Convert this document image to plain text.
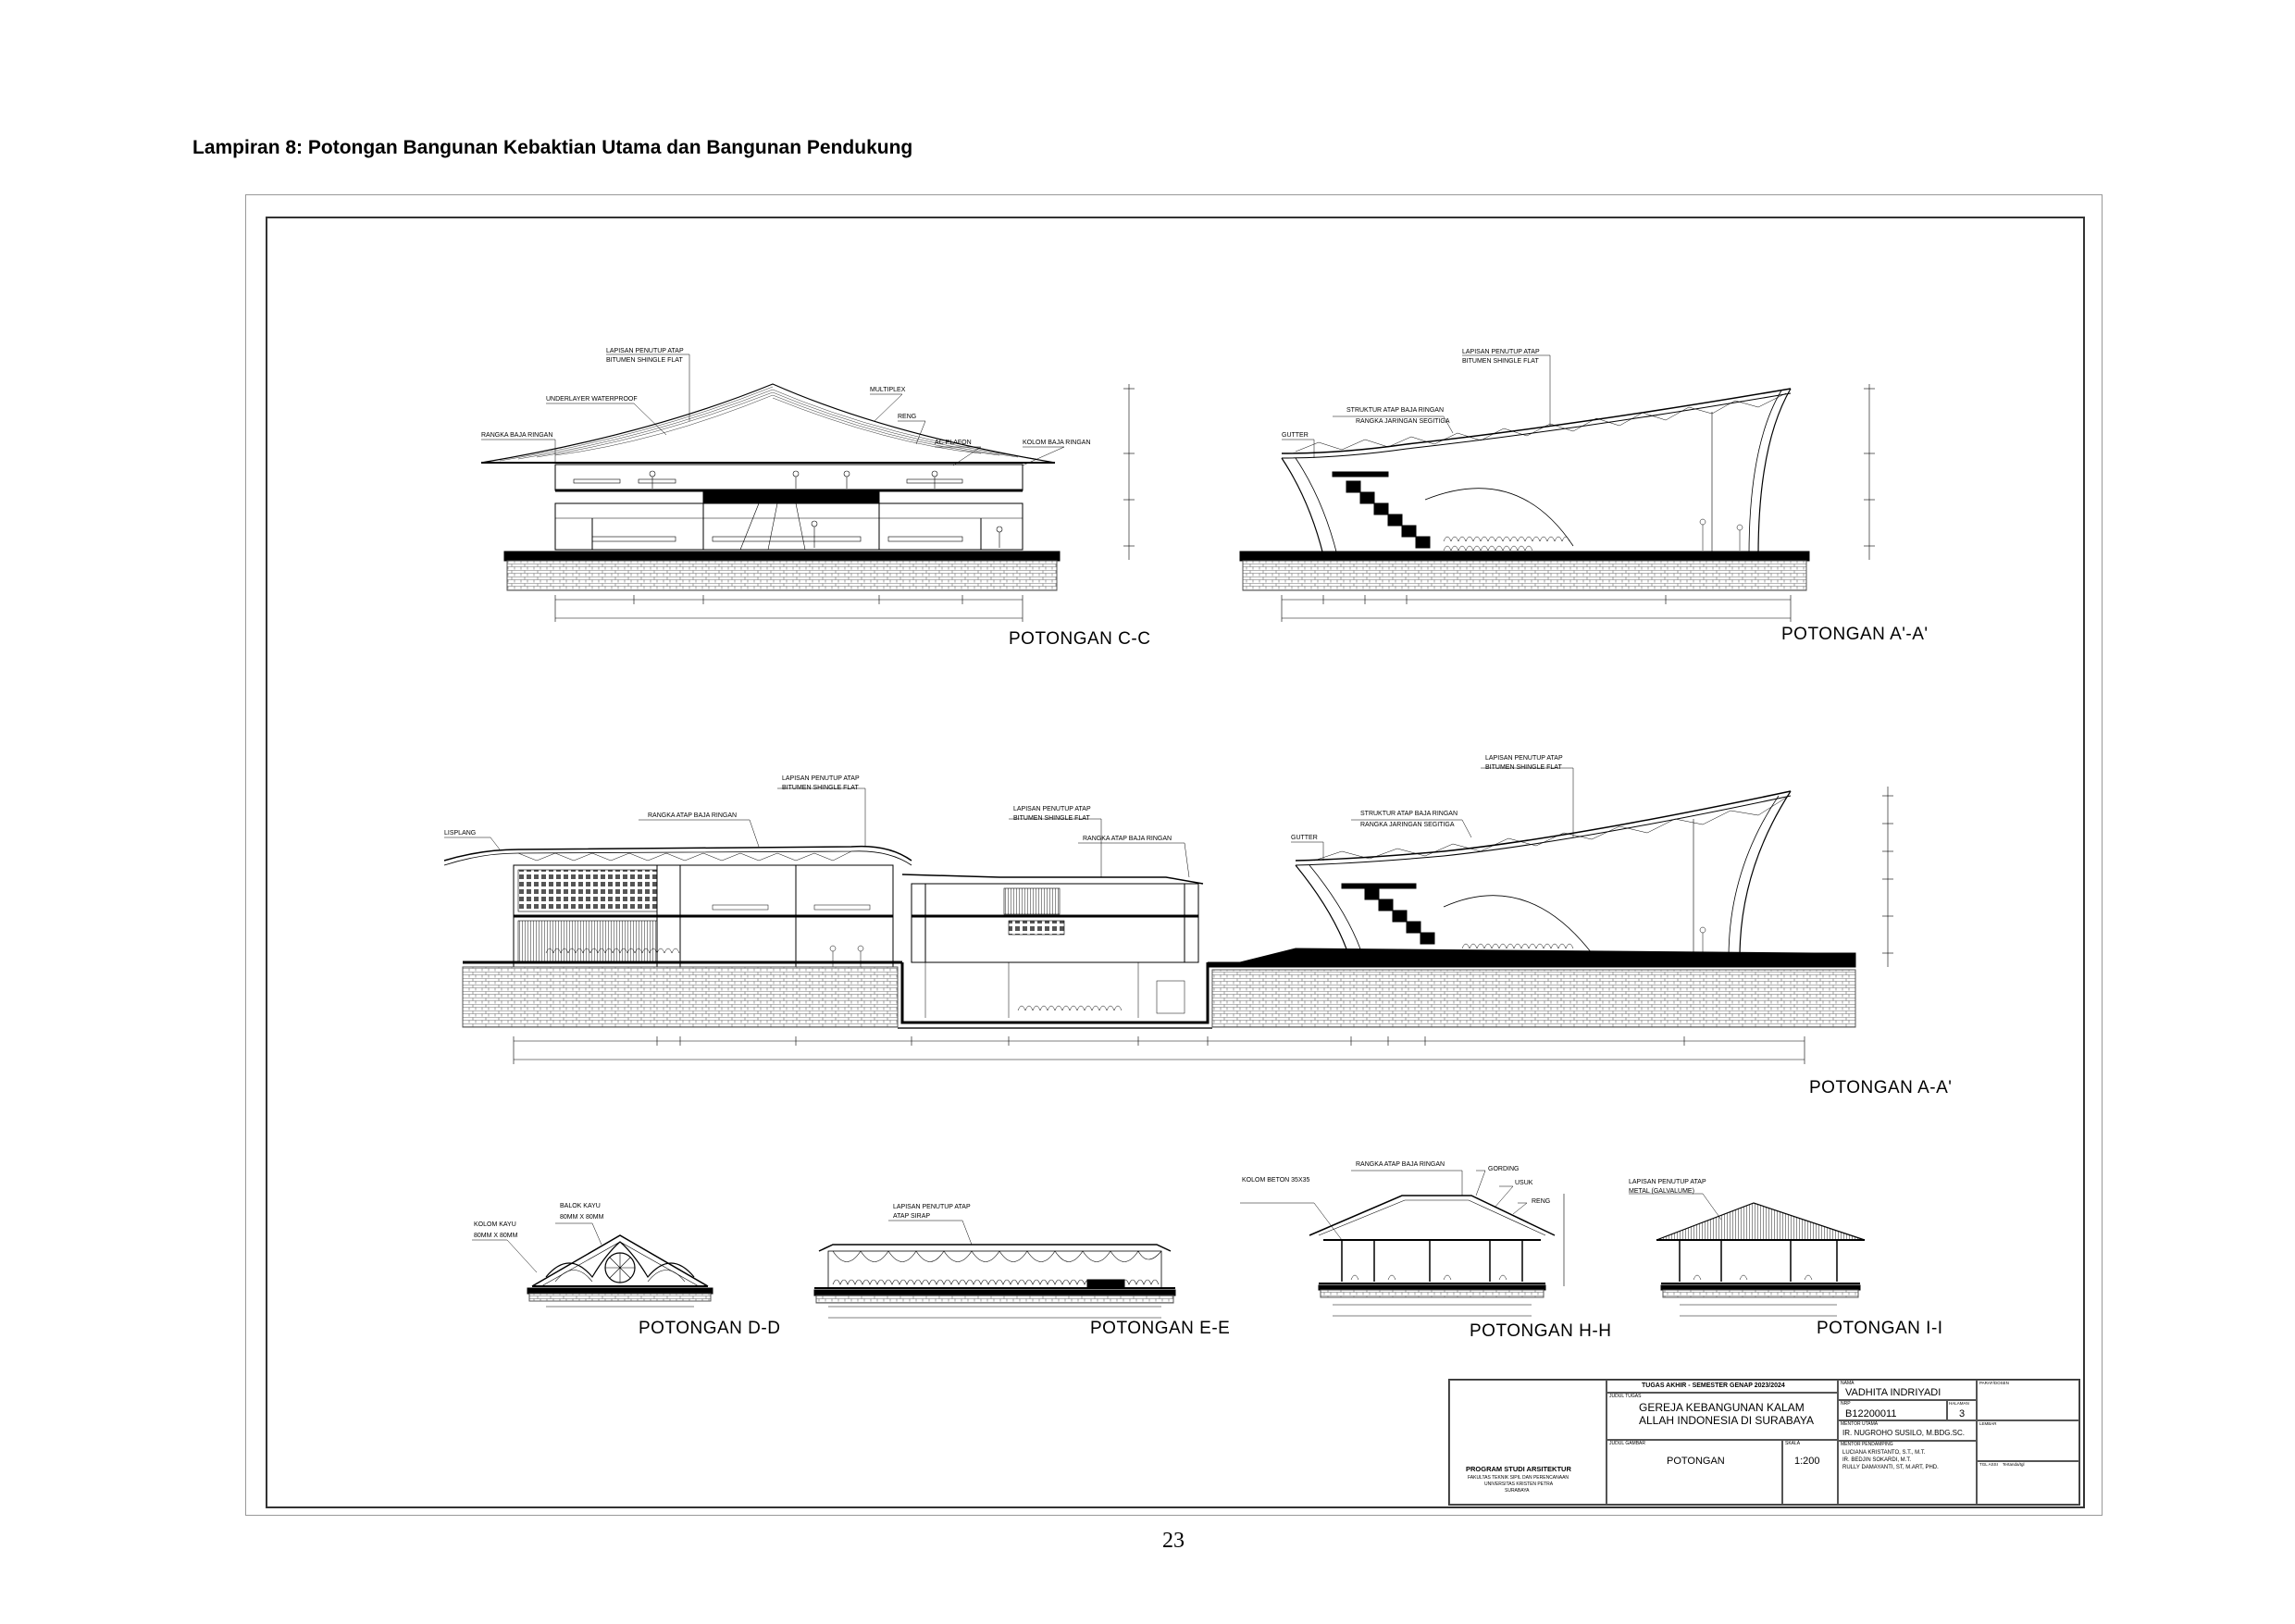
Lampiran 8: Potongan Bangunan Kebaktian Utama dan Bangunan Pendukung
LAPISAN PENUTUP ATAP
BITUMEN SHINGLE FLAT
UNDERLAYER WATERPROOF
MULTIPLEX
RENG
RANGKA BAJA RINGAN
AC PLAFON	KOLOM BAJA RINGAN
POTONGAN C-C
LAPISAN PENUTUP ATAP
BITUMEN SHINGLE FLAT
STRUKTUR ATAP BAJA RINGAN
RANGKA JARINGAN SEGITIGA
GUTTER
POTONGAN A'-A'
LISPLANG
RANGKA ATAP BAJA RINGAN
LAPISAN PENUTUP ATAP
BITUMEN SHINGLE FLAT
LAPISAN PENUTUP ATAP
BITUMEN SHINGLE FLAT
RANGKA ATAP BAJA RINGAN
LAPISAN PENUTUP ATAP
BITUMEN SHINGLE FLAT
STRUKTUR ATAP BAJA RINGAN
RANGKA JARINGAN SEGITIGA
GUTTER
POTONGAN A-A'
BALOK KAYU
80MM X 80MM
KOLOM KAYU
80MM X 80MM
POTONGAN D-D
LAPISAN PENUTUP ATAP
ATAP SIRAP
POTONGAN E-E
RANGKA ATAP BAJA RINGAN
GORDING
KOLOM BETON 35X35	USUK
RENG
POTONGAN H-H
LAPISAN PENUTUP ATAP
METAL (GALVALUME)
POTONGAN I-I
PROGRAM STUDI ARSITEKTUR
FAKULTAS TEKNIK SIPIL DAN PERENCANAAN
UNIVERSITAS KRISTEN PETRA
SURABAYA
TUGAS AKHIR - SEMESTER GENAP 2023/2024
JUDUL TUGAS
GEREJA KEBANGUNAN KALAM
ALLAH INDONESIA DI SURABAYA
JUDUL GAMBAR
POTONGAN
SKALA
1:200
NAMA
VADHITA INDRIYADI
NRP
B12200011
HALAMAN
3
MENTOR UTAMA
IR. NUGROHO SUSILO, M.BDG.SC.
MENTOR PENDAMPING
LUCIANA KRISTANTO, S.T., M.T.
IR. BEDJIN SOKARDI, M.T.
RULLY DAMAYANTI, ST, M.ART, PHD.
PARAF/DOSEN
LEMBAR
TGL ASSI Tertanda/tgl
23
